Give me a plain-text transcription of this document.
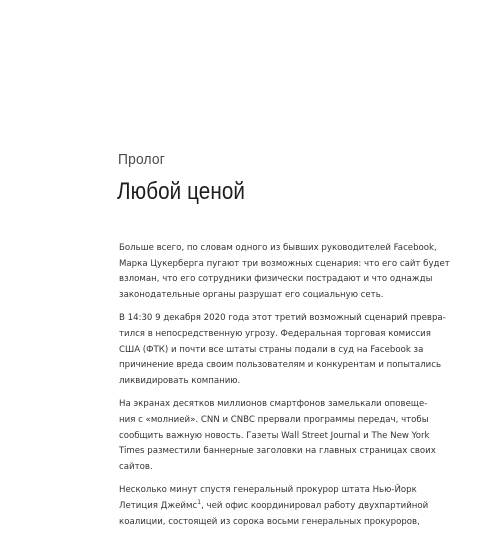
Пролог
Любой ценой

Больше всего, по словам одного из бывших руководителей Facebook,
Марка Цукерберга пугают три возможных сценария: что его сайт будет
взломан, что его сотрудники физически пострадают и что однажды
законодательные органы разрушат его социальную сеть.

В 14:30 9 декабря 2020 года этот третий возможный сценарий преврa-
тился в непосредственную угрозу. Федеральная торговая комиссия
США (ФТК) и почти все штаты страны подали в суд на Facebook за
причинение вреда своим пользователям и конкурентам и попытались
ликвидировать компанию.

На экранах десятков миллионов смартфонов замелькали оповеще-
ния с «молнией». CNN и CNBC прервали программы передач, чтобы
сообщить важную новость. Газеты Wall Street Journal и The New York
Times разместили баннерные заголовки на главных страницах своих
сайтов.

Несколько минут спустя генеральный прокурор штата Нью-Йорк
Летиция Джеймс$^1$, чей офис координировал работу двухпартийной
коалиции, состоящей из сорока восьми генеральных прокуроров,
